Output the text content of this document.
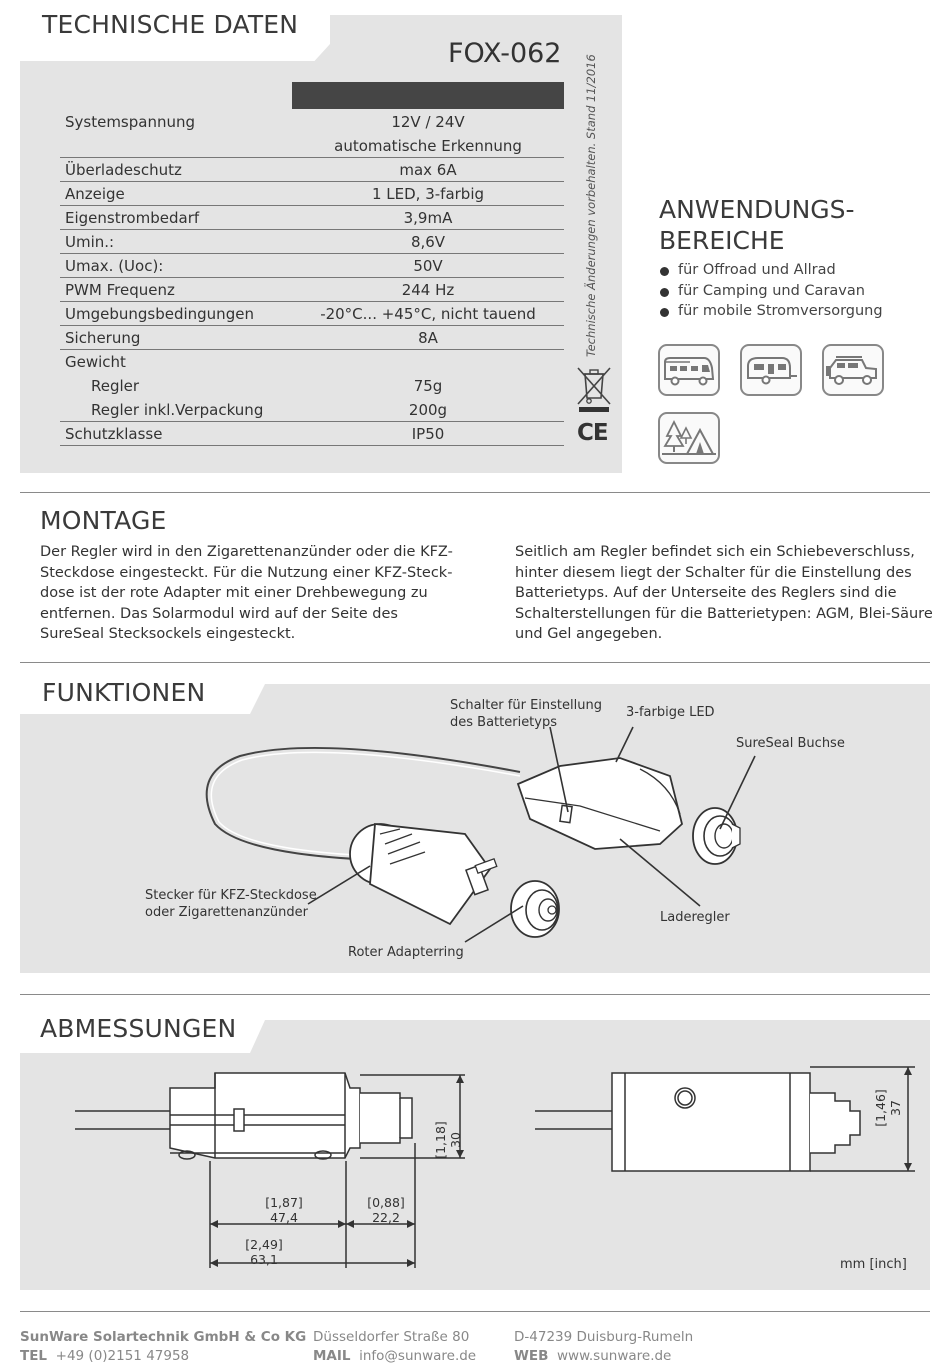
TECHNISCHE DATEN
FOX-062
Systemspannung	12V / 24V
automatische Erkennung
Überladeschutz	max 6A
Anzeige	1 LED, 3-farbig
Eigenstrombedarf	3,9mA
Umin.:	8,6V
Umax. (Uoc):	50V
PWM Frequenz	244 Hz
Umgebungsbedingungen	-20°C... +45°C, nicht tauend
Sicherung	8A
Gewicht
Regler	75g
Regler inkl.Verpackung	200g
Schutzklasse	IP50
Technische Änderungen vorbehalten. Stand 11/2016
CE
ANWENDUNGS-
BEREICHE
für Offroad und Allrad
für Camping und Caravan
für mobile Stromversorgung
MONTAGE
Der Regler wird in den Zigarettenanzünder oder die KFZ-
Steckdose eingesteckt. Für die Nutzung einer KFZ-Steck-
dose ist der rote Adapter mit einer Drehbewegung zu
entfernen. Das Solarmodul wird auf der Seite des
SureSeal Stecksockels eingesteckt.
Seitlich am Regler befindet sich ein Schiebeverschluss,
hinter diesem liegt der Schalter für die Einstellung des
Batterietyps. Auf der Unterseite des Reglers sind die
Schalterstellungen für die Batterietypen: AGM, Blei-Säure
und Gel angegeben.
FUNKTIONEN	Schalter für Einstellung
des Batterietyps
3-farbige LED
SureSeal Buchse
Stecker für KFZ-Steckdose
oder Zigarettenanzünder	Laderegler
Roter Adapterring
ABMESSUNGEN
[1,18] 30
[1,46] 37
[1,87]
47,4
[0,88]
22,2
[2,49]
63,1	mm [inch]
SunWare Solartechnik GmbH & Co KG
TEL +49 (0)2151 47958
Düsseldorfer Straße 80
MAIL info@sunware.de
D-47239 Duisburg-Rumeln
WEB www.sunware.de
